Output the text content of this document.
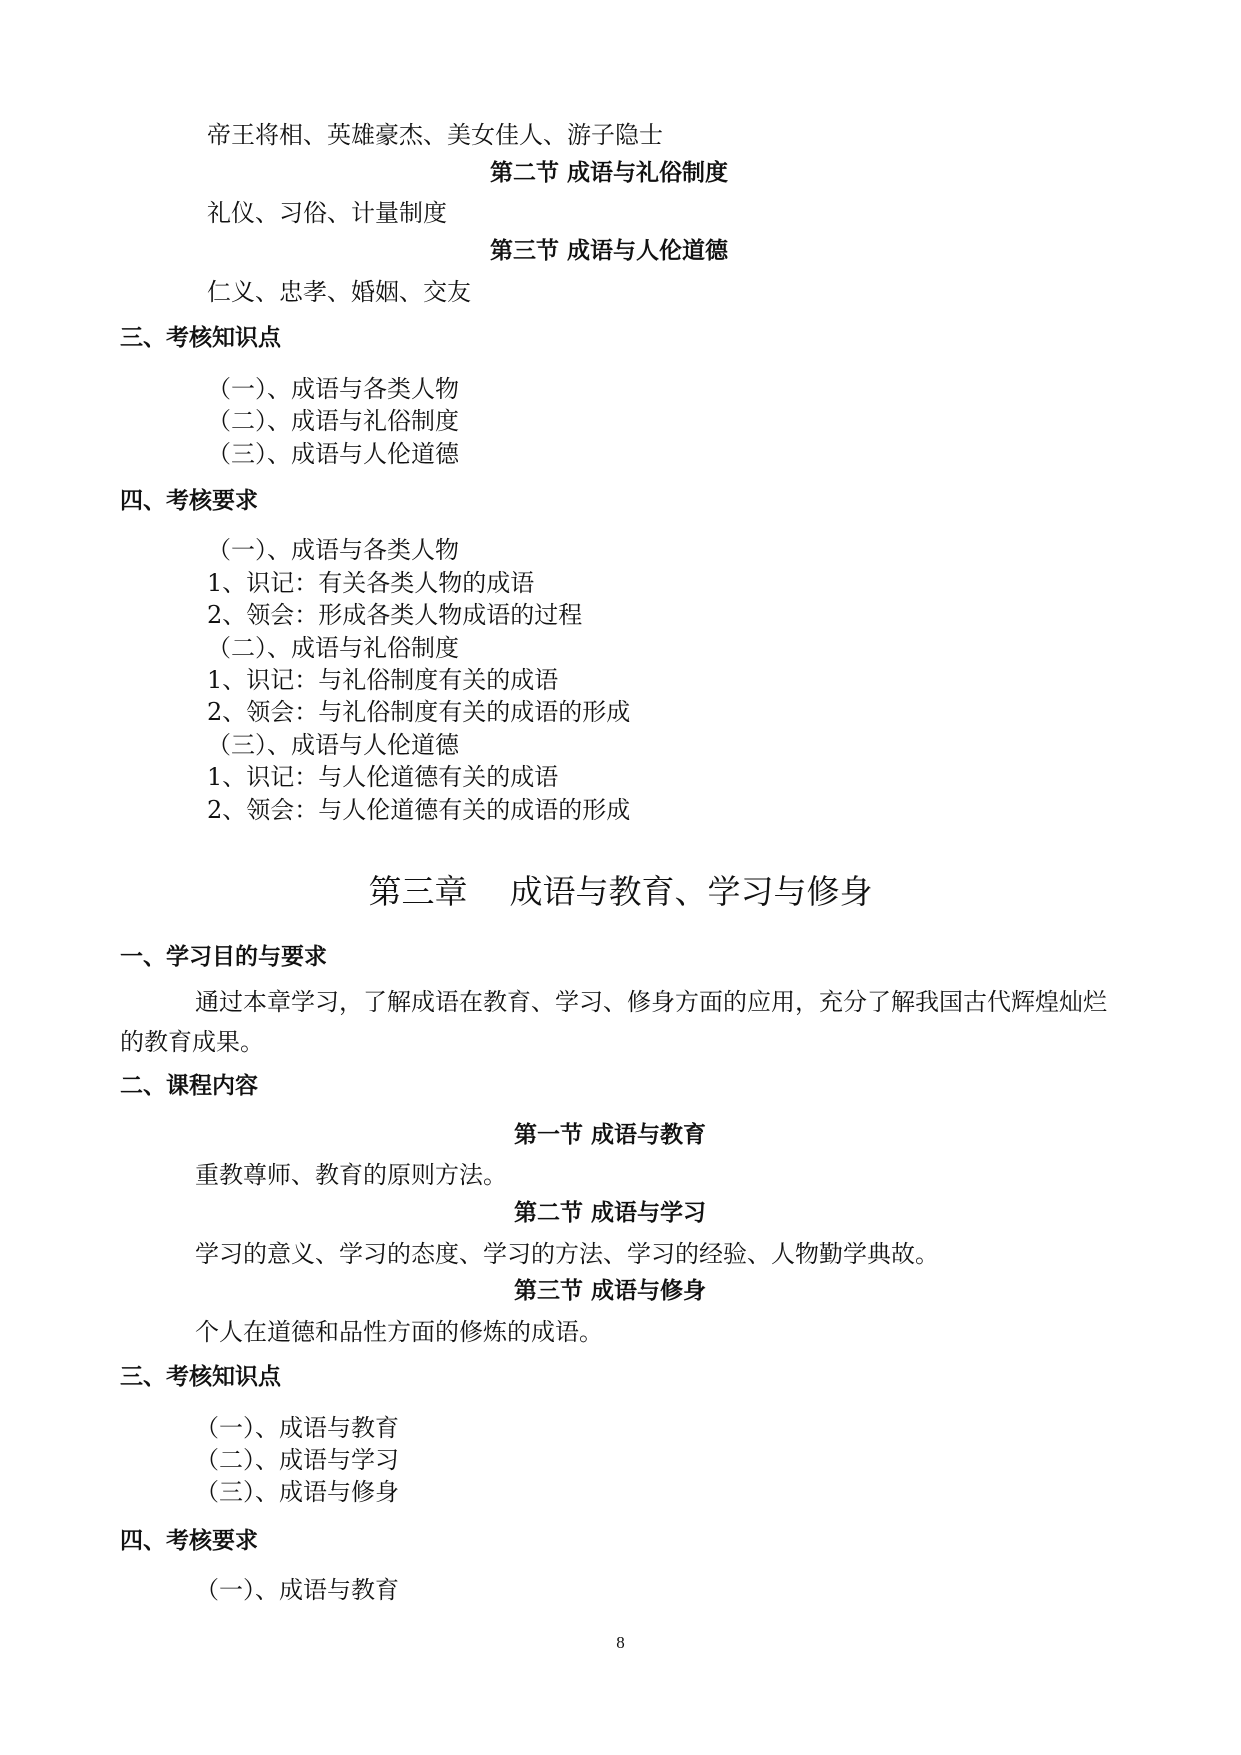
帝王将相、英雄豪杰、美女佳人、游子隐士
第二节 成语与礼俗制度
礼仪、习俗、计量制度
第三节 成语与人伦道德
仁义、忠孝、婚姻、交友
三、考核知识点
（一）、成语与各类人物
（二）、成语与礼俗制度
（三）、成语与人伦道德
四、考核要求
（一）、成语与各类人物
1、识记：有关各类人物的成语
2、领会：形成各类人物成语的过程
（二）、成语与礼俗制度
1、识记：与礼俗制度有关的成语
2、领会：与礼俗制度有关的成语的形成
（三）、成语与人伦道德
1、识记：与人伦道德有关的成语
2、领会：与人伦道德有关的成语的形成
第三章    成语与教育、学习与修身
一、学习目的与要求
通过本章学习，了解成语在教育、学习、修身方面的应用，充分了解我国古代辉煌灿烂的教育成果。
二、课程内容
第一节 成语与教育
重教尊师、教育的原则方法。
第二节 成语与学习
学习的意义、学习的态度、学习的方法、学习的经验、人物勤学典故。
第三节 成语与修身
个人在道德和品性方面的修炼的成语。
三、考核知识点
（一）、成语与教育
（二）、成语与学习
（三）、成语与修身
四、考核要求
（一）、成语与教育
8
